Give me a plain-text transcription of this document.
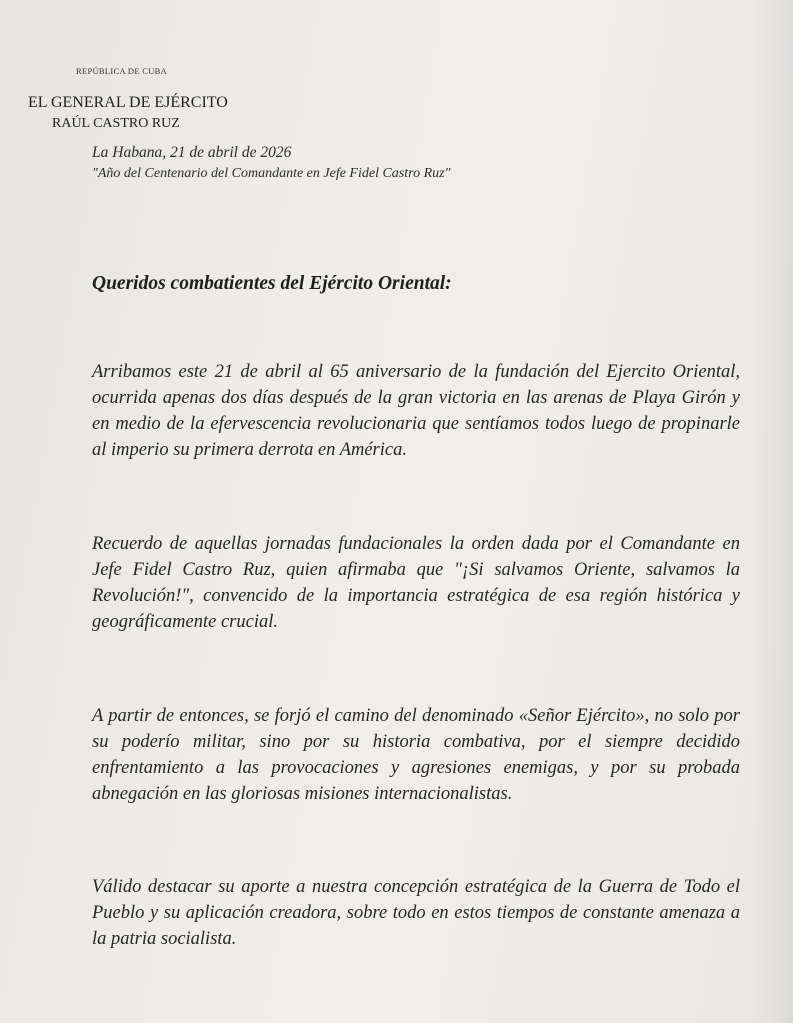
REPÚBLICA DE CUBA
EL GENERAL DE EJÉRCITO
RAÚL CASTRO RUZ
La Habana, 21 de abril de 2026
"Año del Centenario del Comandante en Jefe Fidel Castro Ruz"
Queridos combatientes del Ejército Oriental:

Arribamos este 21 de abril al 65 aniversario de la fundación del Ejercito Oriental, ocurrida apenas dos días después de la gran victoria en las arenas de Playa Girón y en medio de la efervescencia revolucionaria que sentíamos todos luego de propinarle al imperio su primera derrota en América.

Recuerdo de aquellas jornadas fundacionales la orden dada por el Comandante en Jefe Fidel Castro Ruz, quien afirmaba que "¡Si salvamos Oriente, salvamos la Revolución!", convencido de la importancia estratégica de esa región histórica y geográficamente crucial.

A partir de entonces, se forjó el camino del denominado «Señor Ejército», no solo por su poderío militar, sino por su historia combativa, por el siempre decidido enfrentamiento a las provocaciones y agresiones enemigas, y por su probada abnegación en las gloriosas misiones internacionalistas.

Válido destacar su aporte a nuestra concepción estratégica de la Guerra de Todo el Pueblo y su aplicación creadora, sobre todo en estos tiempos de constante amenaza a la patria socialista.
